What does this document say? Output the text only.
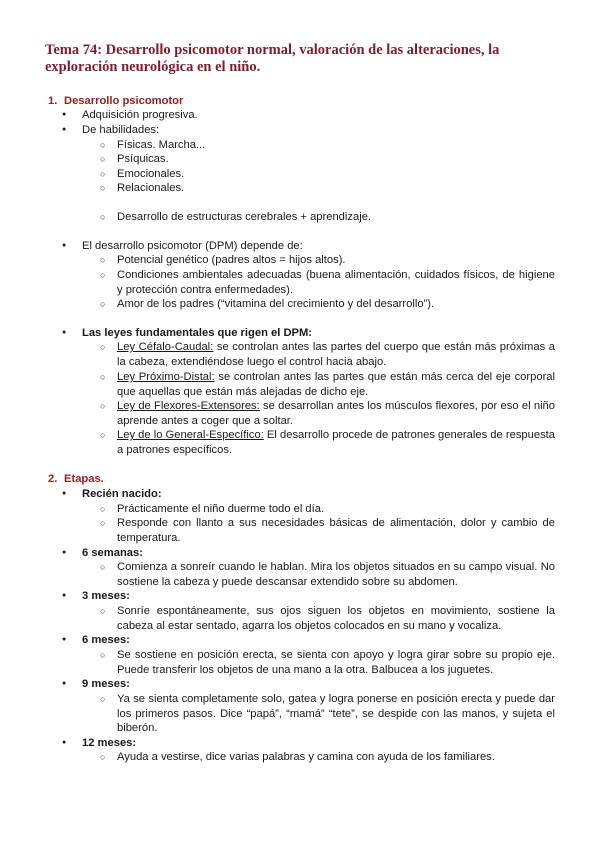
Tema 74: Desarrollo psicomotor normal, valoración de las alteraciones, la
exploración neurológica en el niño.
1. Desarrollo psicomotor
● Adquisición progresiva.
● De habilidades:
○ Físicas. Marcha...
○ Psíquicas.
○ Emocionales.
○ Relacionales.
○ Desarrollo de estructuras cerebrales + aprendizaje.
● El desarrollo psicomotor (DPM) depende de:
○ Potencial genético (padres altos = hijos altos).
○ Condiciones ambientales adecuadas (buena alimentación, cuidados físicos, de higiene y protección contra enfermedades).
○ Amor de los padres (“vitamina del crecimiento y del desarrollo”).
● Las leyes fundamentales que rigen el DPM:
○ Ley Céfalo-Caudal: se controlan antes las partes del cuerpo que están más próximas a la cabeza, extendiéndose luego el control hacia abajo.
○ Ley Próximo-Distal: se controlan antes las partes que están más cerca del eje corporal que aquellas que están más alejadas de dicho eje.
○ Ley de Flexores-Extensores: se desarrollan antes los músculos flexores, por eso el niño aprende antes a coger que a soltar.
○ Ley de lo General-Específico: El desarrollo procede de patrones generales de respuesta a patrones específicos.
2. Etapas.
● Recién nacido:
○ Prácticamente el niño duerme todo el día.
○ Responde con llanto a sus necesidades básicas de alimentación, dolor y cambio de temperatura.
● 6 semanas:
○ Comienza a sonreír cuando le hablan. Mira los objetos situados en su campo visual. No sostiene la cabeza y puede descansar extendido sobre su abdomen.
● 3 meses:
○ Sonríe espontáneamente, sus ojos siguen los objetos en movimiento, sostiene la cabeza al estar sentado, agarra los objetos colocados en su mano y vocaliza.
● 6 meses:
○ Se sostiene en posición erecta, se sienta con apoyo y logra girar sobre su propio eje. Puede transferir los objetos de una mano a la otra. Balbucea a los juguetes.
● 9 meses:
○ Ya se sienta completamente solo, gatea y logra ponerse en posición erecta y puede dar los primeros pasos. Dice “papá”, “mamá” “tete”, se despide con las manos, y sujeta el biberón.
● 12 meses:
○ Ayuda a vestirse, dice varias palabras y camina con ayuda de los familiares.
